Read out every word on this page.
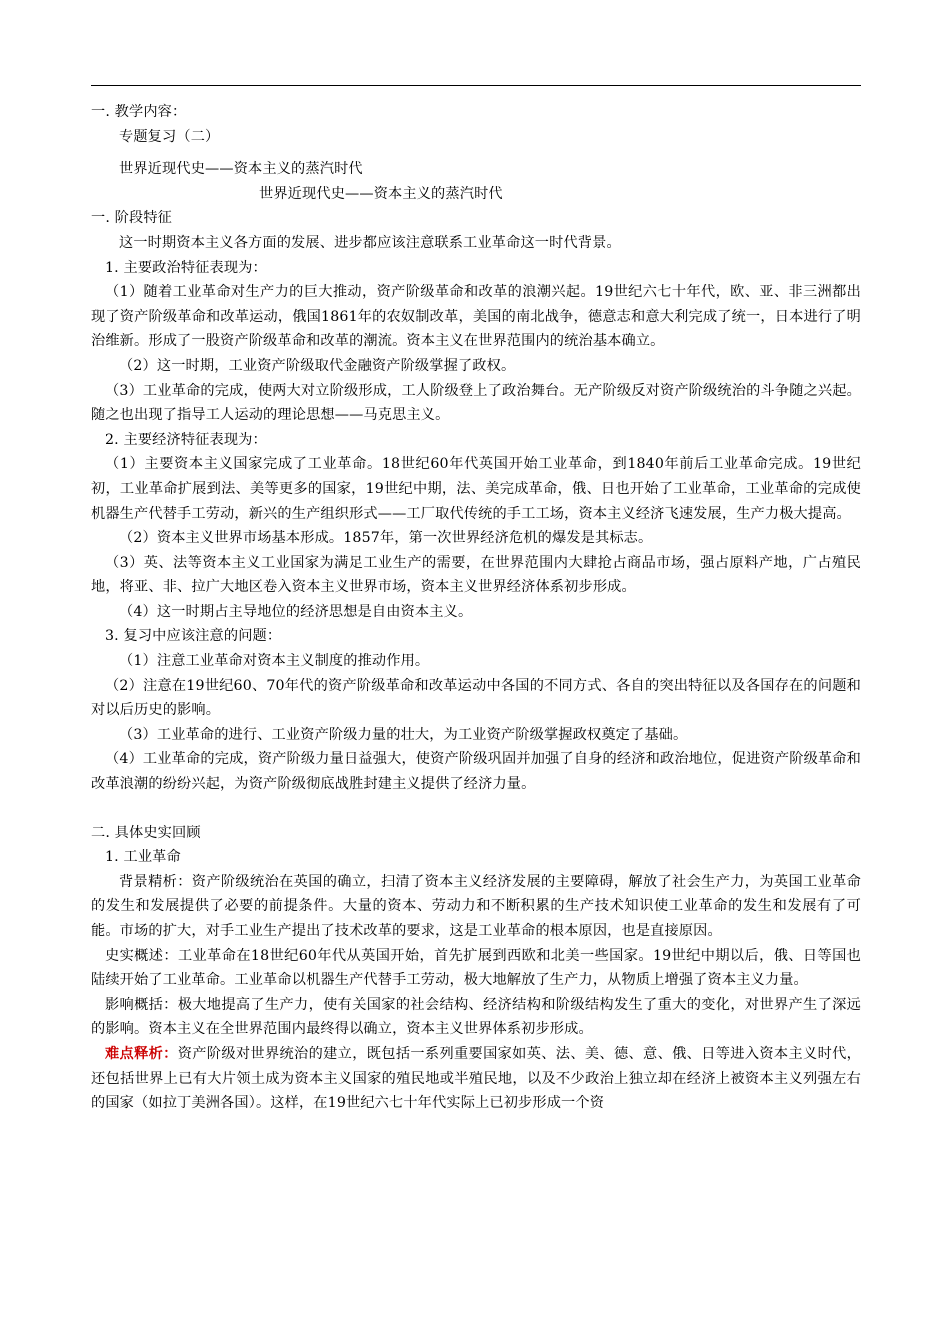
一. 教学内容：

专题复习（二）

世界近现代史——资本主义的蒸汽时代

世界近现代史——资本主义的蒸汽时代

一. 阶段特征

这一时期资本主义各方面的发展、进步都应该注意联系工业革命这一时代背景。

1. 主要政治特征表现为：

（1）随着工业革命对生产力的巨大推动，资产阶级革命和改革的浪潮兴起。19世纪六七十年代，欧、亚、非三洲都出现了资产阶级革命和改革运动，俄国1861年的农奴制改革，美国的南北战争，德意志和意大利完成了统一，日本进行了明治维新。形成了一股资产阶级革命和改革的潮流。资本主义在世界范围内的统治基本确立。

（2）这一时期，工业资产阶级取代金融资产阶级掌握了政权。

（3）工业革命的完成，使两大对立阶级形成，工人阶级登上了政治舞台。无产阶级反对资产阶级统治的斗争随之兴起。随之也出现了指导工人运动的理论思想——马克思主义。

2. 主要经济特征表现为：

（1）主要资本主义国家完成了工业革命。18世纪60年代英国开始工业革命，到1840年前后工业革命完成。19世纪初，工业革命扩展到法、美等更多的国家，19世纪中期，法、美完成革命，俄、日也开始了工业革命，工业革命的完成使机器生产代替手工劳动，新兴的生产组织形式——工厂取代传统的手工工场，资本主义经济飞速发展，生产力极大提高。

（2）资本主义世界市场基本形成。1857年，第一次世界经济危机的爆发是其标志。

（3）英、法等资本主义工业国家为满足工业生产的需要，在世界范围内大肆抢占商品市场，强占原料产地，广占殖民地，将亚、非、拉广大地区卷入资本主义世界市场，资本主义世界经济体系初步形成。

（4）这一时期占主导地位的经济思想是自由资本主义。

3. 复习中应该注意的问题：

（1）注意工业革命对资本主义制度的推动作用。

（2）注意在19世纪60、70年代的资产阶级革命和改革运动中各国的不同方式、各自的突出特征以及各国存在的问题和对以后历史的影响。

（3）工业革命的进行、工业资产阶级力量的壮大，为工业资产阶级掌握政权奠定了基础。

（4）工业革命的完成，资产阶级力量日益强大，使资产阶级巩固并加强了自身的经济和政治地位，促进资产阶级革命和改革浪潮的纷纷兴起，为资产阶级彻底战胜封建主义提供了经济力量。

二. 具体史实回顾

1. 工业革命

背景精析：资产阶级统治在英国的确立，扫清了资本主义经济发展的主要障碍，解放了社会生产力，为英国工业革命的发生和发展提供了必要的前提条件。大量的资本、劳动力和不断积累的生产技术知识使工业革命的发生和发展有了可能。市场的扩大，对手工业生产提出了技术改革的要求，这是工业革命的根本原因，也是直接原因。

史实概述：工业革命在18世纪60年代从英国开始，首先扩展到西欧和北美一些国家。19世纪中期以后，俄、日等国也陆续开始了工业革命。工业革命以机器生产代替手工劳动，极大地解放了生产力，从物质上增强了资本主义力量。

影响概括：极大地提高了生产力，使有关国家的社会结构、经济结构和阶级结构发生了重大的变化，对世界产生了深远的影响。资本主义在全世界范围内最终得以确立，资本主义世界体系初步形成。

难点释析：资产阶级对世界统治的建立，既包括一系列重要国家如英、法、美、德、意、俄、日等进入资本主义时代，还包括世界上已有大片领土成为资本主义国家的殖民地或半殖民地，以及不少政治上独立却在经济上被资本主义列强左右的国家（如拉丁美洲各国）。这样，在19世纪六七十年代实际上已初步形成一个资
